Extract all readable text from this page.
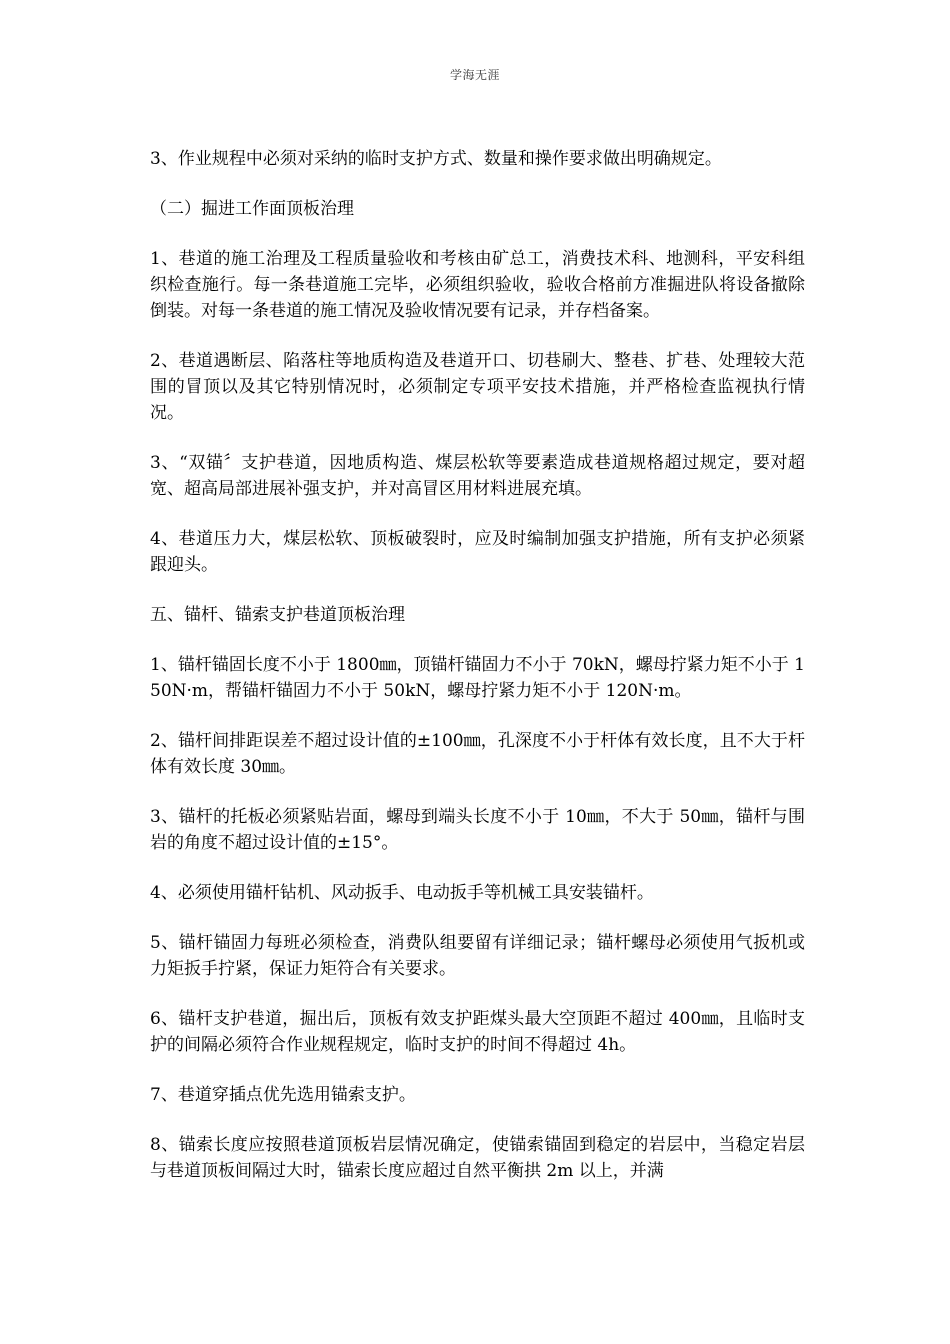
学海无涯

3、作业规程中必须对采纳的临时支护方式、数量和操作要求做出明确规定。

（二）掘进工作面顶板治理

1、巷道的施工治理及工程质量验收和考核由矿总工，消费技术科、地测科，平安科组织检查施行。每一条巷道施工完毕，必须组织验收，验收合格前方准掘进队将设备撤除倒装。对每一条巷道的施工情况及验收情况要有记录，并存档备案。

2、巷道遇断层、陷落柱等地质构造及巷道开口、切巷刷大、整巷、扩巷、处理较大范围的冒顶以及其它特别情况时，必须制定专项平安技术措施，并严格检查监视执行情况。

3、“双锚〞支护巷道，因地质构造、煤层松软等要素造成巷道规格超过规定，要对超宽、超高局部进展补强支护，并对高冒区用材料进展充填。

4、巷道压力大，煤层松软、顶板破裂时，应及时编制加强支护措施，所有支护必须紧跟迎头。

五、锚杆、锚索支护巷道顶板治理

1、锚杆锚固长度不小于 1800㎜，顶锚杆锚固力不小于 70kN，螺母拧紧力矩不小于 150N·m，帮锚杆锚固力不小于 50kN，螺母拧紧力矩不小于 120N·m。

2、锚杆间排距误差不超过设计值的±100㎜，孔深度不小于杆体有效长度，且不大于杆体有效长度 30㎜。

3、锚杆的托板必须紧贴岩面，螺母到端头长度不小于 10㎜，不大于 50㎜，锚杆与围岩的角度不超过设计值的±15°。

4、必须使用锚杆钻机、风动扳手、电动扳手等机械工具安装锚杆。

5、锚杆锚固力每班必须检查，消费队组要留有详细记录；锚杆螺母必须使用气扳机或力矩扳手拧紧，保证力矩符合有关要求。

6、锚杆支护巷道，掘出后，顶板有效支护距煤头最大空顶距不超过 400㎜，且临时支护的间隔必须符合作业规程规定，临时支护的时间不得超过 4h。

7、巷道穿插点优先选用锚索支护。

8、锚索长度应按照巷道顶板岩层情况确定，使锚索锚固到稳定的岩层中，当稳定岩层与巷道顶板间隔过大时，锚索长度应超过自然平衡拱 2m 以上，并满
